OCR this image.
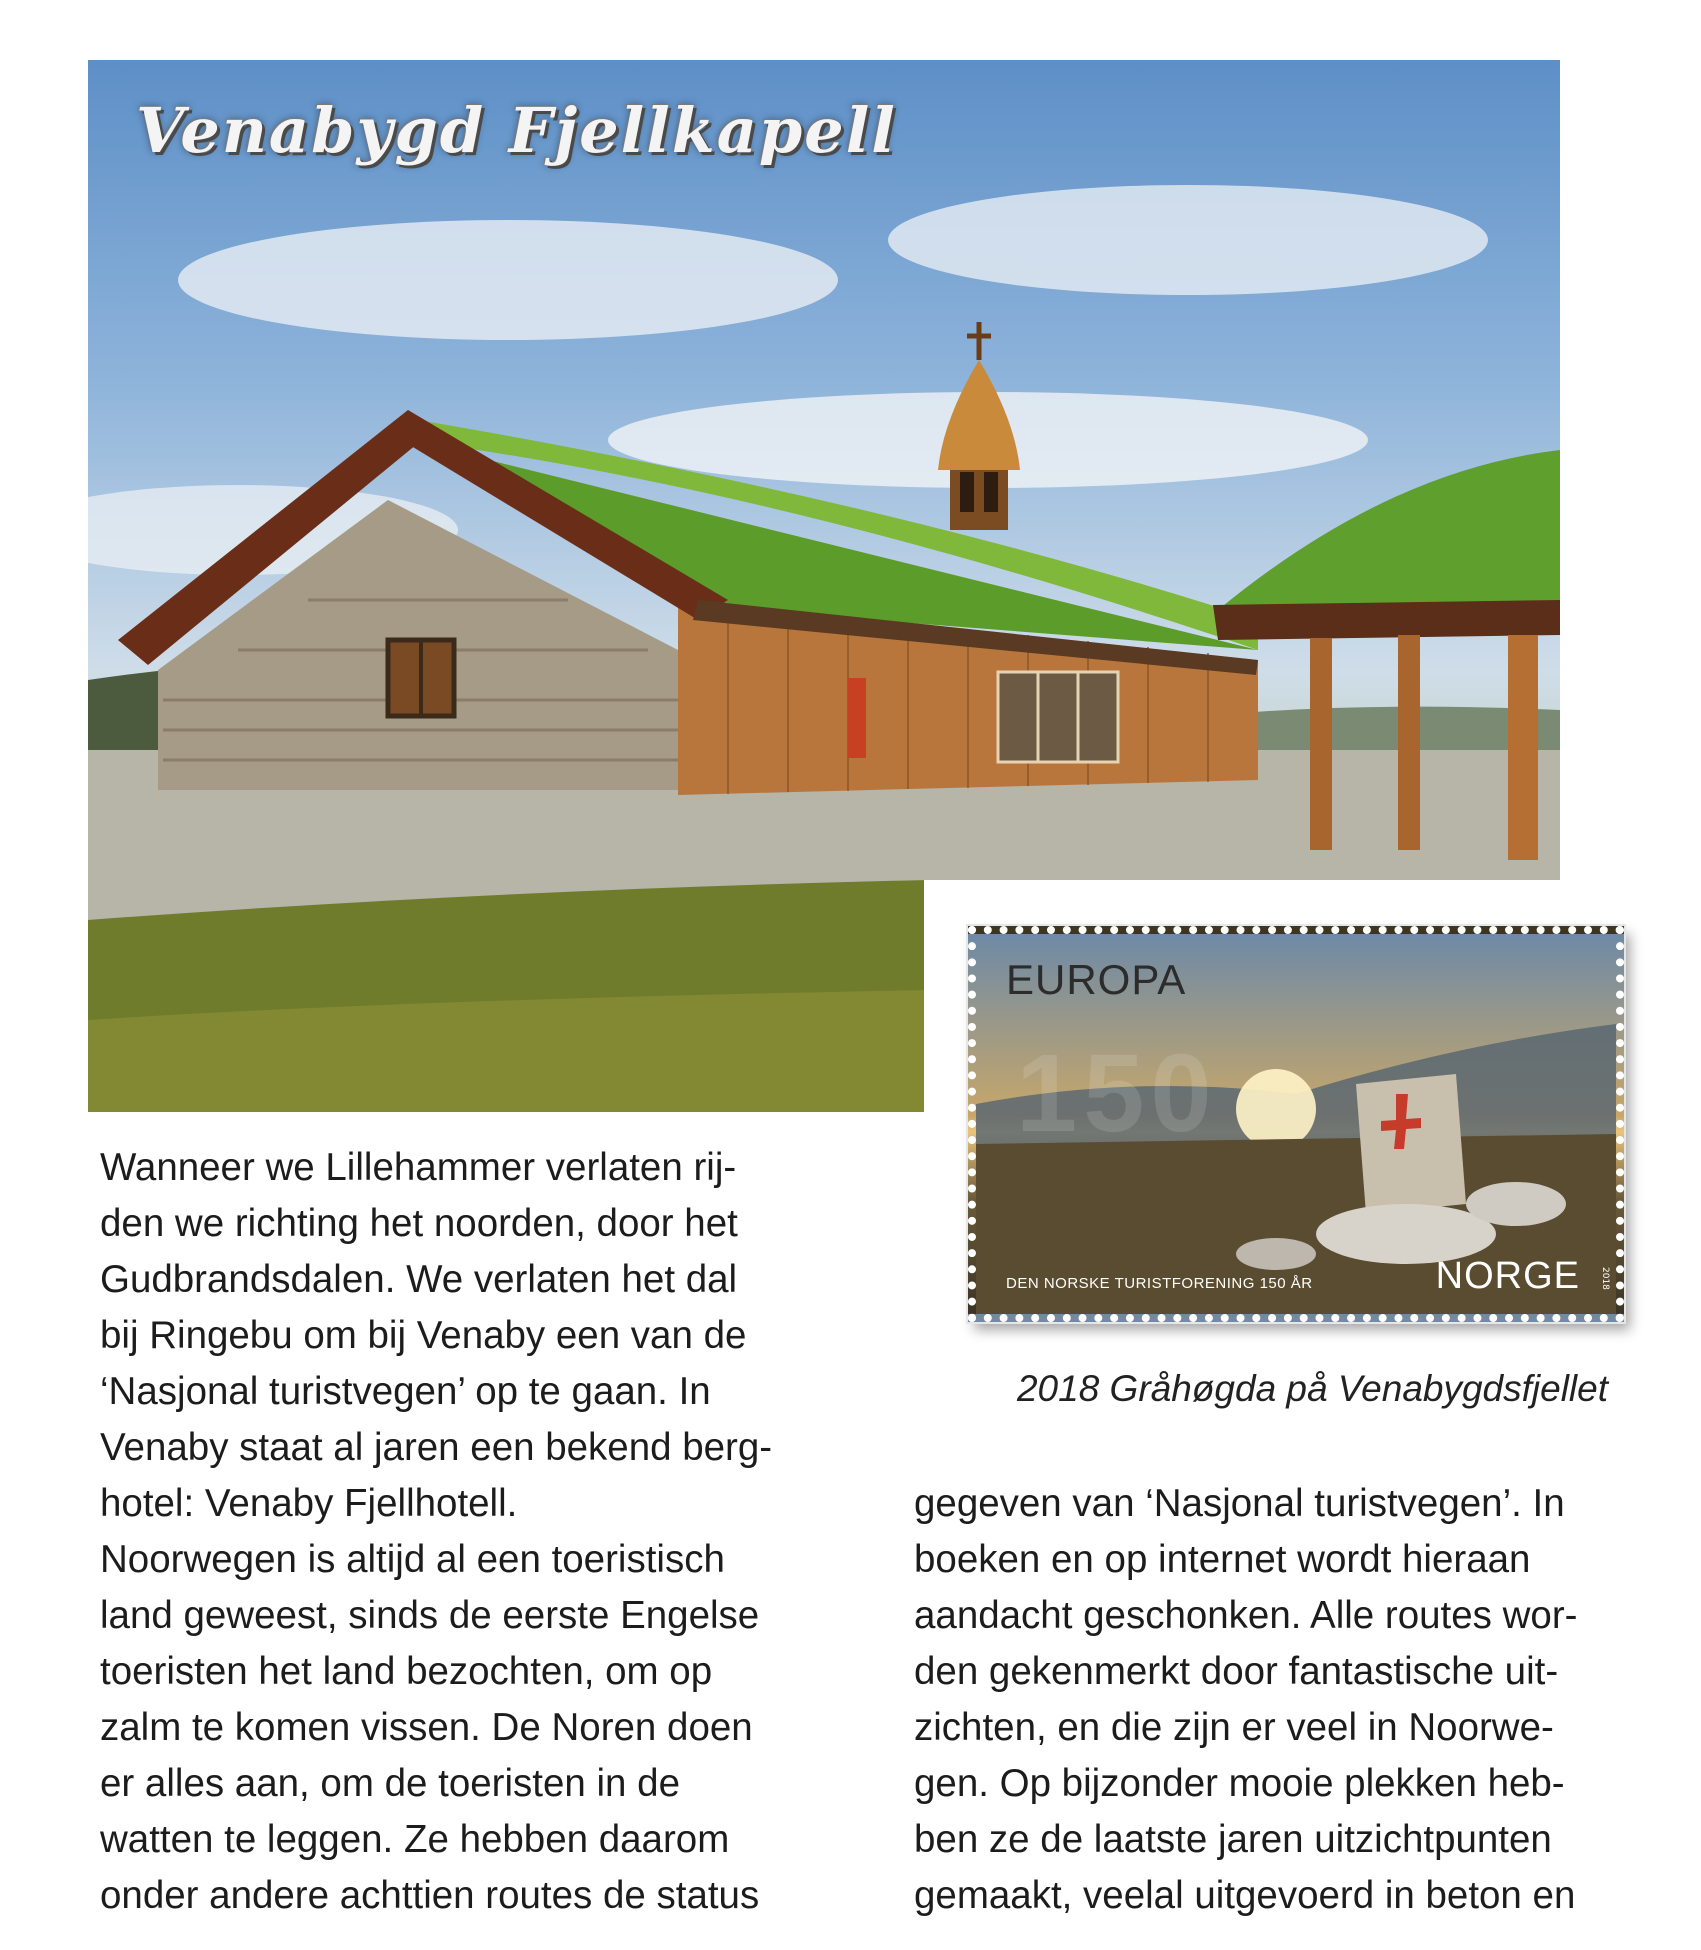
Venabygd Fjellkapell
EUROPA
150
DEN NORSKE TURISTFORENING 150 ÅR	NORGE 2018
2018 Gråhøgda på Venabygdsfjellet
Wanneer we Lillehammer verlaten rij-
den we richting het noorden, door het
Gudbrandsdalen. We verlaten het dal
bij Ringebu om bij Venaby een van de
‘Nasjonal turistvegen’ op te gaan. In
Venaby staat al jaren een bekend berg-
hotel: Venaby Fjellhotell.
Noorwegen is altijd al een toeristisch
land geweest, sinds de eerste Engelse
toeristen het land bezochten, om op
zalm te komen vissen. De Noren doen
er alles aan, om de toeristen in de
watten te leggen. Ze hebben daarom
onder andere achttien routes de status
gegeven van ‘Nasjonal turistvegen’. In
boeken en op internet wordt hieraan
aandacht geschonken. Alle routes wor-
den gekenmerkt door fantastische uit-
zichten, en die zijn er veel in Noorwe-
gen. Op bijzonder mooie plekken heb-
ben ze de laatste jaren uitzichtpunten
gemaakt, veelal uitgevoerd in beton en
